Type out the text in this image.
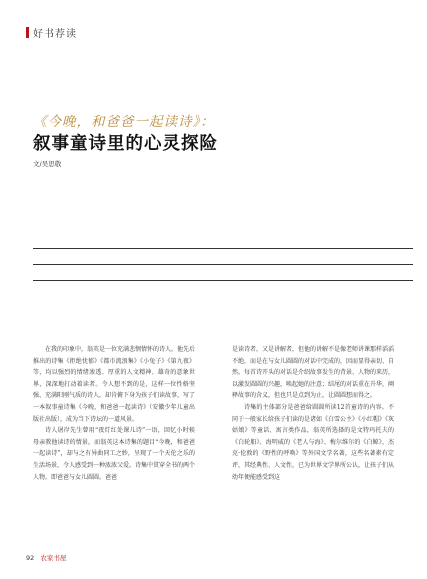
好书荐读
《今晚，和爸爸一起读诗》：
叙事童诗里的心灵探险
文/吴思敬

在我的印象中，翁英是一位充满悲悯情怀的诗人。他先后推出的诗集《拒绝忧郁》《都市流浪集》《小兔子》《第九夜》等，均以强烈的情绪渗透、厚重的人文精神、雄奇的意象世界，深深地打动着读者。令人想不到的是，这样一位性格坚强、充满阳刚气质的诗人，却肯俯下身为孩子们读故事，写了一本叙事童诗集《今晚，和爸爸一起读诗》（安徽少年儿童出版社出版），成为当下诗坛的一道风景。

诗人屠岸先生曾用“夜灯红处课儿诗”一语，回忆小时候母亲教他读诗的情景，而翁英这本诗集的题目“今晚，和爸爸一起读诗”，却与之有异曲同工之妙，呈现了一个天伦之乐的生活场景，令人感受到一种浓浓父爱。诗集中贯穿全书的两个人物，即爸爸与女儿圆圆。爸爸

是读诗者，又是讲解者，但他的讲解不是像老师讲课那样滔滔不绝，而是在与女儿圆圆的对话中完成的，因而显得亲切、自然。每首诗开头的对话是介绍故事发生的背景、人物的来历，以激发圆圆的兴趣，唤起她的注意；结尾的对话重在升华，阐释故事的含义，但也只是点到为止，让圆圆想而得之。

诗集的主体部分是爸爸给圆圆所读12首童诗的内容。不同于一般家长给孩子们读的是诸如《白雪公主》《小红帽》《灰姑娘》等童话、寓言类作品，翁英所选择的是文特玛托夫的《白轮船》、海明威的《老人与海》、梅尔维尔的《白鲸》、杰克·伦敦的《野性的呼唤》等外国文学名著，这些名著素有定评，其经典性、人文性，已为世界文学界所公认，让孩子们从幼年便能感受到这

92 农家书屋
